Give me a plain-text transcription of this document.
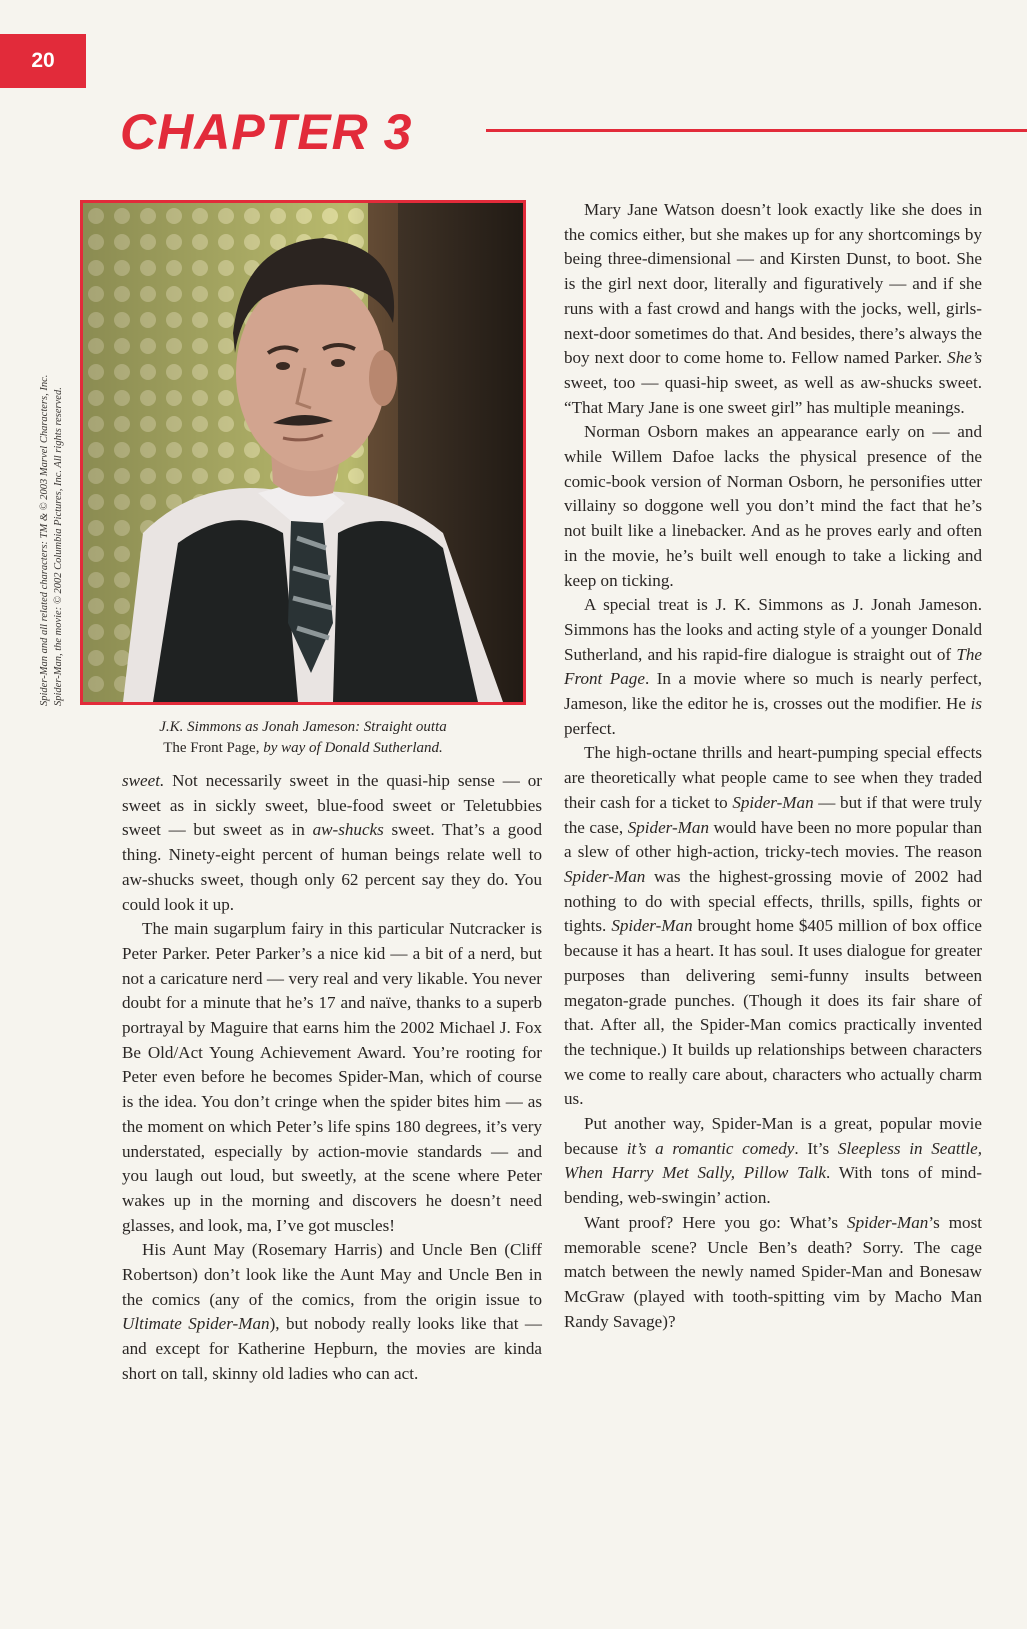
20
CHAPTER 3
Spider-Man and all related characters: TM & © 2003 Marvel Characters, Inc. Spider-Man, the movie: © 2002 Columbia Pictures, Inc. All rights reserved.
J.K. Simmons as Jonah Jameson: Straight outta
The Front Page, by way of Donald Sutherland.

sweet. Not necessarily sweet in the quasi-hip sense — or sweet as in sickly sweet, blue-food sweet or Teletubbies sweet — but sweet as in aw-shucks sweet. That’s a good thing. Ninety-eight percent of human beings relate well to aw-shucks sweet, though only 62 percent say they do. You could look it up.

The main sugarplum fairy in this particular Nutcracker is Peter Parker. Peter Parker’s a nice kid — a bit of a nerd, but not a caricature nerd — very real and very likable. You never doubt for a minute that he’s 17 and naïve, thanks to a superb portrayal by Maguire that earns him the 2002 Michael J. Fox Be Old/Act Young Achievement Award. You’re rooting for Peter even before he becomes Spider-Man, which of course is the idea. You don’t cringe when the spider bites him — as the moment on which Peter’s life spins 180 degrees, it’s very understated, especially by action-movie standards — and you laugh out loud, but sweetly, at the scene where Peter wakes up in the morning and discovers he doesn’t need glasses, and look, ma, I’ve got muscles!

His Aunt May (Rosemary Harris) and Uncle Ben (Cliff Robertson) don’t look like the Aunt May and Uncle Ben in the comics (any of the comics, from the origin issue to Ultimate Spider-Man), but nobody really looks like that — and except for Katherine Hepburn, the movies are kinda short on tall, skinny old ladies who can act.

Mary Jane Watson doesn’t look exactly like she does in the comics either, but she makes up for any shortcomings by being three-dimensional — and Kirsten Dunst, to boot. She is the girl next door, literally and figuratively — and if she runs with a fast crowd and hangs with the jocks, well, girls-next-door sometimes do that. And besides, there’s always the boy next door to come home to. Fellow named Parker. She’s sweet, too — quasi-hip sweet, as well as aw-shucks sweet. “That Mary Jane is one sweet girl” has multiple meanings.

Norman Osborn makes an appearance early on — and while Willem Dafoe lacks the physical presence of the comic-book version of Norman Osborn, he personifies utter villainy so doggone well you don’t mind the fact that he’s not built like a linebacker. And as he proves early and often in the movie, he’s built well enough to take a licking and keep on ticking.

A special treat is J. K. Simmons as J. Jonah Jameson. Simmons has the looks and acting style of a younger Donald Sutherland, and his rapid-fire dialogue is straight out of The Front Page. In a movie where so much is nearly perfect, Jameson, like the editor he is, crosses out the modifier. He is perfect.

The high-octane thrills and heart-pumping special effects are theoretically what people came to see when they traded their cash for a ticket to Spider-Man — but if that were truly the case, Spider-Man would have been no more popular than a slew of other high-action, tricky-tech movies. The reason Spider-Man was the highest-grossing movie of 2002 had nothing to do with special effects, thrills, spills, fights or tights. Spider-Man brought home $405 million of box office because it has a heart. It has soul. It uses dialogue for greater purposes than delivering semi-funny insults between megaton-grade punches. (Though it does its fair share of that. After all, the Spider-Man comics practically invented the technique.) It builds up relationships between characters we come to really care about, characters who actually charm us.

Put another way, Spider-Man is a great, popular movie because it’s a romantic comedy. It’s Sleepless in Seattle, When Harry Met Sally, Pillow Talk. With tons of mind-bending, web-swingin’ action.

Want proof? Here you go: What’s Spider-Man’s most memorable scene? Uncle Ben’s death? Sorry. The cage match between the newly named Spider-Man and Bonesaw McGraw (played with tooth-spitting vim by Macho Man Randy Savage)?
